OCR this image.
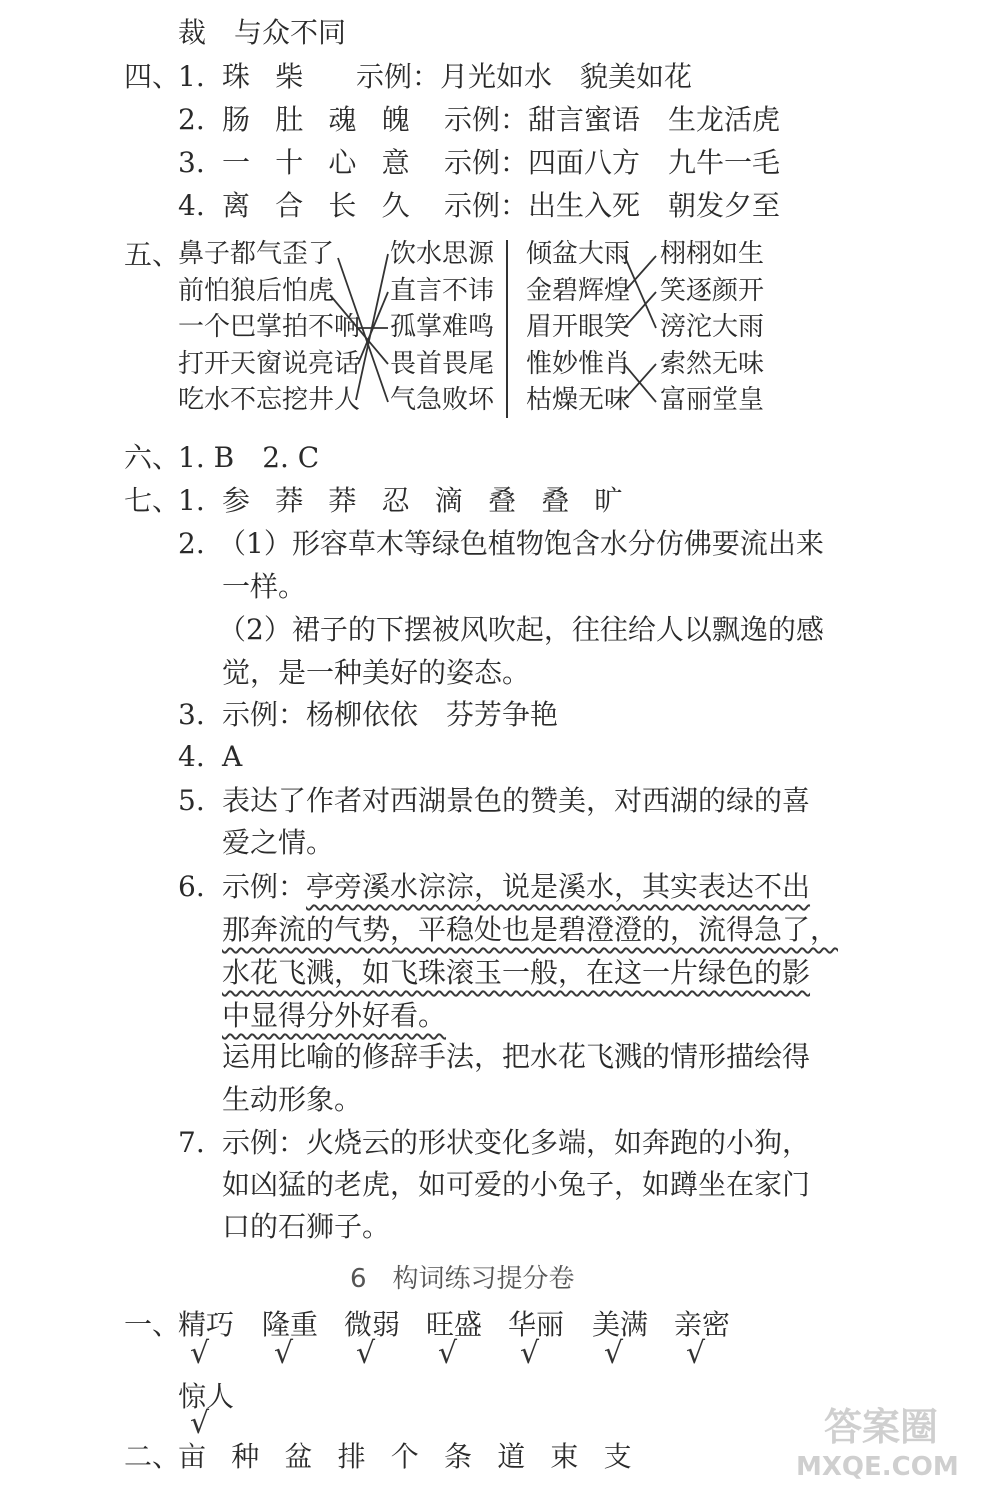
裁　与众不同
四、
1. 珠柴 示例：月光如水　貌美如花
2. 肠肚魂魄 示例：甜言蜜语　生龙活虎
3. 一十心意 示例：四面八方　九牛一毛
4. 离合长久 示例：出生入死　朝发夕至
五、
鼻子都气歪了
前怕狼后怕虎
一个巴掌拍不响
打开天窗说亮话
吃水不忘挖井人
饮水思源
直言不讳
孤掌难鸣
畏首畏尾
气急败坏
倾盆大雨
金碧辉煌
眉开眼笑
惟妙惟肖
枯燥无味
栩栩如生
笑逐颜开
滂沱大雨
索然无味
富丽堂皇
六、
1. B　2. C
七、
1. 参莽莽忍滴叠叠旷
2. （1）形容草木等绿色植物饱含水分仿佛要流出来
一样。
（2）裙子的下摆被风吹起，往往给人以飘逸的感
觉，是一种美好的姿态。
3. 示例：杨柳依依　芬芳争艳
4. A
5. 表达了作者对西湖景色的赞美，对西湖的绿的喜
爱之情。
6. 示例：亭旁溪水淙淙，说是溪水，其实表达不出
那奔流的气势，平稳处也是碧澄澄的，流得急了，
水花飞溅，如飞珠滚玉一般，在这一片绿色的影
中显得分外好看。
运用比喻的修辞手法，把水花飞溅的情形描绘得
生动形象。
7. 示例：火烧云的形状变化多端，如奔跑的小狗，
如凶猛的老虎，如可爱的小兔子，如蹲坐在家门
口的石狮子。
6　构词练习提分卷
一、
精巧 隆重 微弱 旺盛 华丽 美满 亲密
√ √ √ √ √ √ √
惊人
√
二、
亩种盆排个条道束支
答案圈
MXQE.COM
